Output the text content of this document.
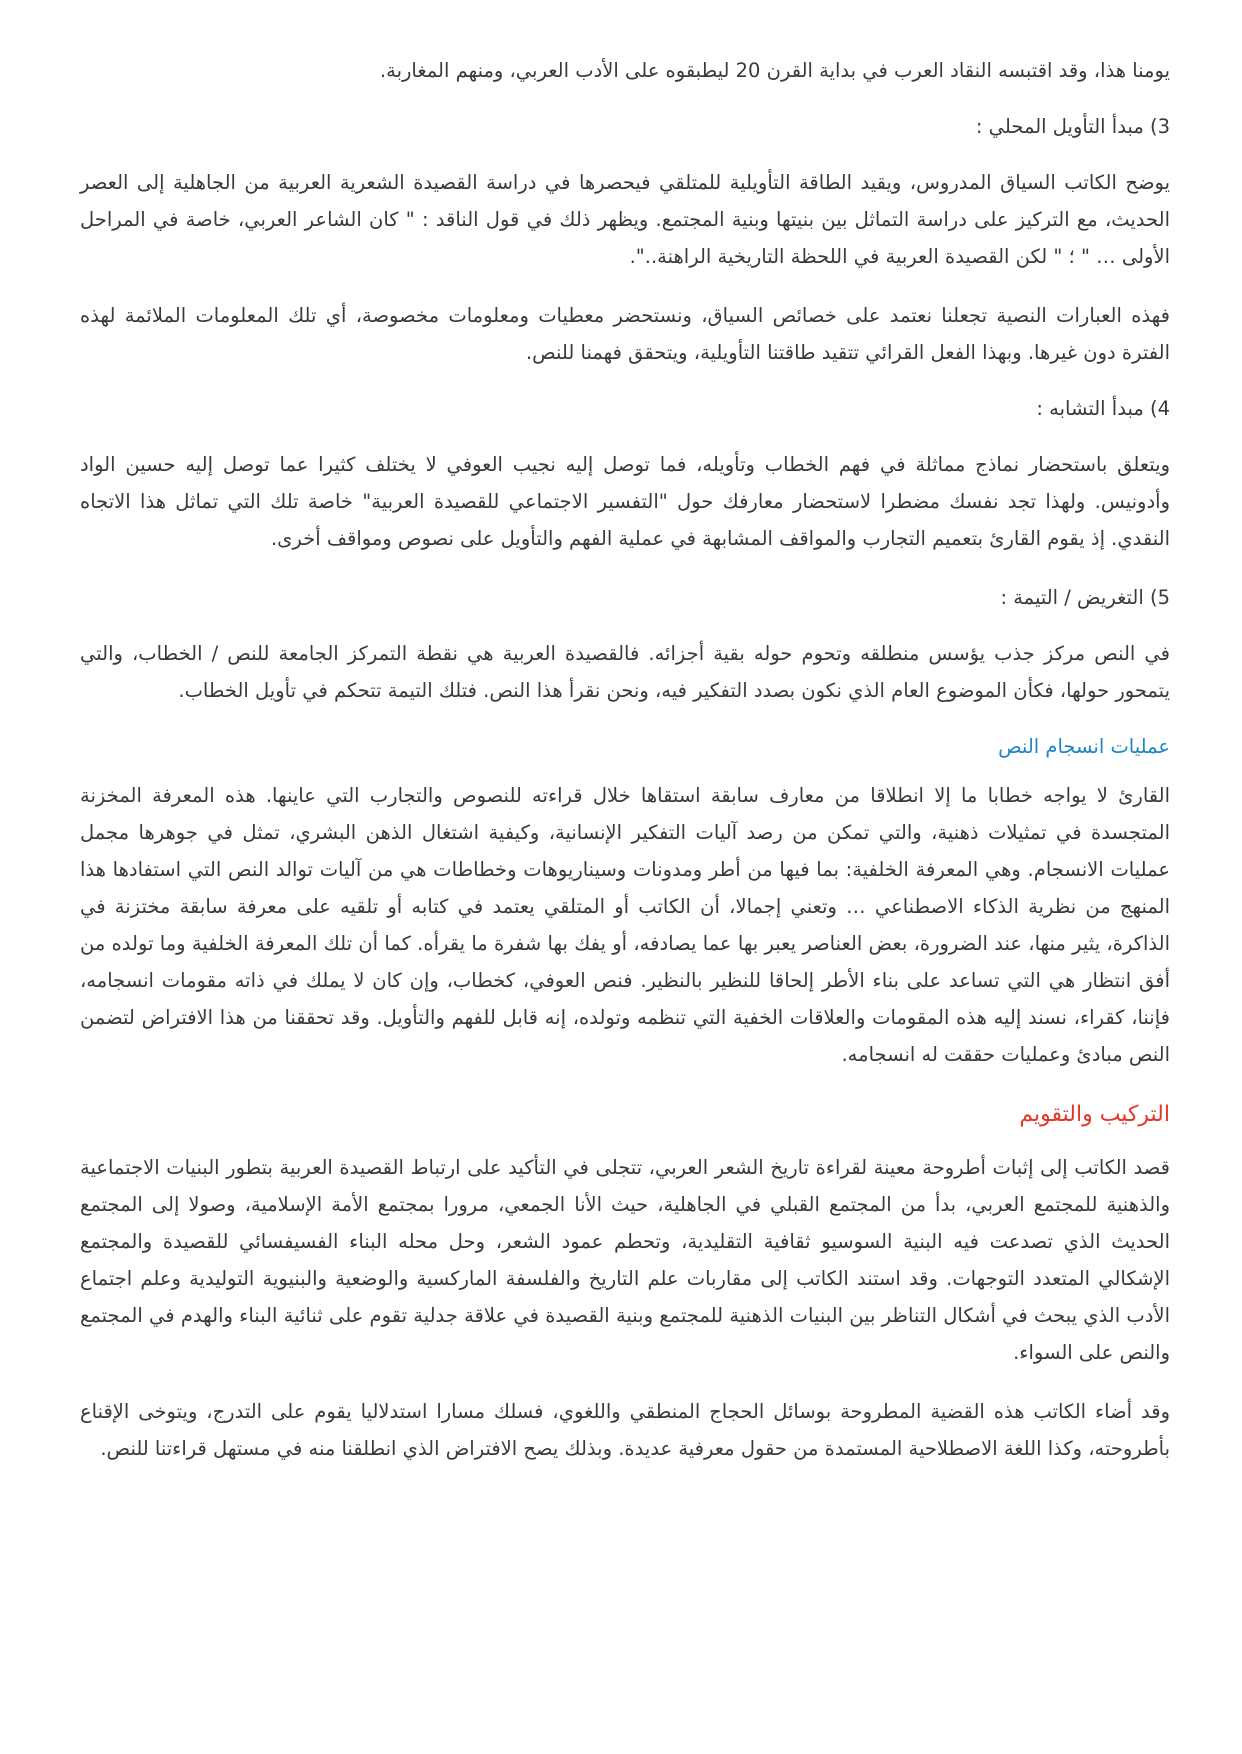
يومنا هذا، وقد اقتبسه النقاد العرب في بداية القرن 20 ليطبقوه على الأدب العربي، ومنهم المغاربة.

3) مبدأ التأويل المحلي :

يوضح الكاتب السياق المدروس، ويقيد الطاقة التأويلية للمتلقي فيحصرها في دراسة القصيدة الشعرية العربية من الجاهلية إلى العصر الحديث، مع التركيز على دراسة التماثل بين بنيتها وبنية المجتمع. ويظهر ذلك في قول الناقد : " كان الشاعر العربي، خاصة في المراحل الأولى … " ؛ " لكن القصيدة العربية في اللحظة التاريخية الراهنة..".

فهذه العبارات النصية تجعلنا نعتمد على خصائص السياق، ونستحضر معطيات ومعلومات مخصوصة، أي تلك المعلومات الملائمة لهذه الفترة دون غيرها. وبهذا الفعل القرائي تتقيد طاقتنا التأويلية، ويتحقق فهمنا للنص.

4) مبدأ التشابه :

ويتعلق باستحضار نماذج مماثلة في فهم الخطاب وتأويله، فما توصل إليه نجيب العوفي لا يختلف كثيرا عما توصل إليه حسين الواد وأدونيس. ولهذا تجد نفسك مضطرا لاستحضار معارفك حول "التفسير الاجتماعي للقصيدة العربية" خاصة تلك التي تماثل هذا الاتجاه النقدي. إذ يقوم القارئ بتعميم التجارب والمواقف المشابهة في عملية الفهم والتأويل على نصوص ومواقف أخرى.

5) التغريض / التيمة :

في النص مركز جذب يؤسس منطلقه وتحوم حوله بقية أجزائه. فالقصيدة العربية هي نقطة التمركز الجامعة للنص / الخطاب، والتي يتمحور حولها، فكأن الموضوع العام الذي نكون بصدد التفكير فيه، ونحن نقرأ هذا النص. فتلك التيمة تتحكم في تأويل الخطاب.

عمليات انسجام النص

القارئ لا يواجه خطابا ما إلا انطلاقا من معارف سابقة استقاها خلال قراءته للنصوص والتجارب التي عاينها. هذه المعرفة المخزنة المتجسدة في تمثيلات ذهنية، والتي تمكن من رصد آليات التفكير الإنسانية، وكيفية اشتغال الذهن البشري، تمثل في جوهرها مجمل عمليات الانسجام. وهي المعرفة الخلفية: بما فيها من أطر ومدونات وسيناريوهات وخطاطات هي من آليات توالد النص التي استفادها هذا المنهج من نظرية الذكاء الاصطناعي … وتعني إجمالا، أن الكاتب أو المتلقي يعتمد في كتابه أو تلقيه على معرفة سابقة مختزنة في الذاكرة، يثير منها، عند الضرورة، بعض العناصر يعبر بها عما يصادفه، أو يفك بها شفرة ما يقرأه. كما أن تلك المعرفة الخلفية وما تولده من أفق انتظار هي التي تساعد على بناء الأطر إلحاقا للنظير بالنظير. فنص العوفي، كخطاب، وإن كان لا يملك في ذاته مقومات انسجامه، فإننا، كقراء، نسند إليه هذه المقومات والعلاقات الخفية التي تنظمه وتولده، إنه قابل للفهم والتأويل. وقد تحققنا من هذا الافتراض لتضمن النص مبادئ وعمليات حققت له انسجامه.

التركيب والتقويم

قصد الكاتب إلى إثبات أطروحة معينة لقراءة تاريخ الشعر العربي، تتجلى في التأكيد على ارتباط القصيدة العربية بتطور البنيات الاجتماعية والذهنية للمجتمع العربي، بدأ من المجتمع القبلي في الجاهلية، حيث الأنا الجمعي، مرورا بمجتمع الأمة الإسلامية، وصولا إلى المجتمع الحديث الذي تصدعت فيه البنية السوسيو ثقافية التقليدية، وتحطم عمود الشعر، وحل محله البناء الفسيفسائي للقصيدة والمجتمع الإشكالي المتعدد التوجهات. وقد استند الكاتب إلى مقاربات علم التاريخ والفلسفة الماركسية والوضعية والبنيوية التوليدية وعلم اجتماع الأدب الذي يبحث في أشكال التناظر بين البنيات الذهنية للمجتمع وبنية القصيدة في علاقة جدلية تقوم على ثنائية البناء والهدم في المجتمع والنص على السواء.

وقد أضاء الكاتب هذه القضية المطروحة بوسائل الحجاج المنطقي واللغوي، فسلك مسارا استدلاليا يقوم على التدرج، ويتوخى الإقناع بأطروحته، وكذا اللغة الاصطلاحية المستمدة من حقول معرفية عديدة. وبذلك يصح الافتراض الذي انطلقنا منه في مستهل قراءتنا للنص.
